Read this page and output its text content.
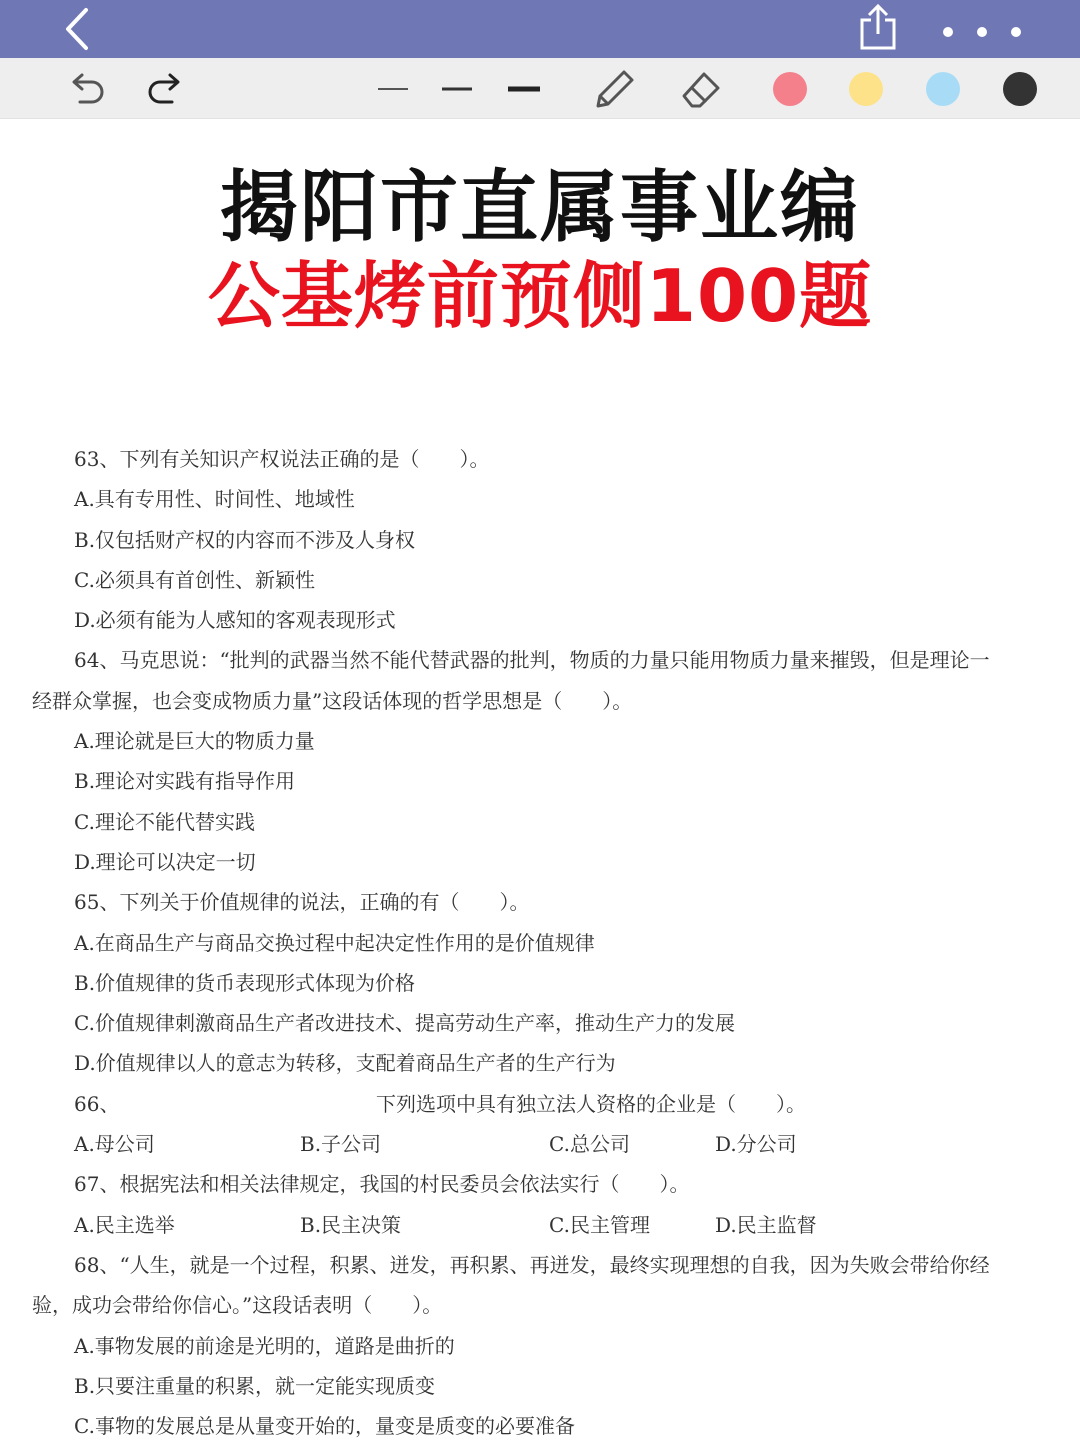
揭阳市直属事业编
公基烤前预侧100题
63、下列有关知识产权说法正确的是（　　）。
A.具有专用性、时间性、地域性
B.仅包括财产权的内容而不涉及人身权
C.必须具有首创性、新颖性
D.必须有能为人感知的客观表现形式
64、马克思说：“批判的武器当然不能代替武器的批判，物质的力量只能用物质力量来摧毁，但是理论一
经群众掌握，也会变成物质力量”这段话体现的哲学思想是（　　）。
A.理论就是巨大的物质力量
B.理论对实践有指导作用
C.理论不能代替实践
D.理论可以决定一切
65、下列关于价值规律的说法，正确的有（　　）。
A.在商品生产与商品交换过程中起决定性作用的是价值规律
B.价值规律的货币表现形式体现为价格
C.价值规律刺激商品生产者改进技术、提高劳动生产率，推动生产力的发展
D.价值规律以人的意志为转移，支配着商品生产者的生产行为
66、	下列选项中具有独立法人资格的企业是（　　）。
A.母公司	B.子公司	C.总公司	D.分公司
67、根据宪法和相关法律规定，我国的村民委员会依法实行（　　）。
A.民主选举	B.民主决策	C.民主管理	D.民主监督
68、“人生，就是一个过程，积累、迸发，再积累、再迸发，最终实现理想的自我，因为失败会带给你经
验，成功会带给你信心。”这段话表明（　　）。
A.事物发展的前途是光明的，道路是曲折的
B.只要注重量的积累，就一定能实现质变
C.事物的发展总是从量变开始的，量变是质变的必要准备
